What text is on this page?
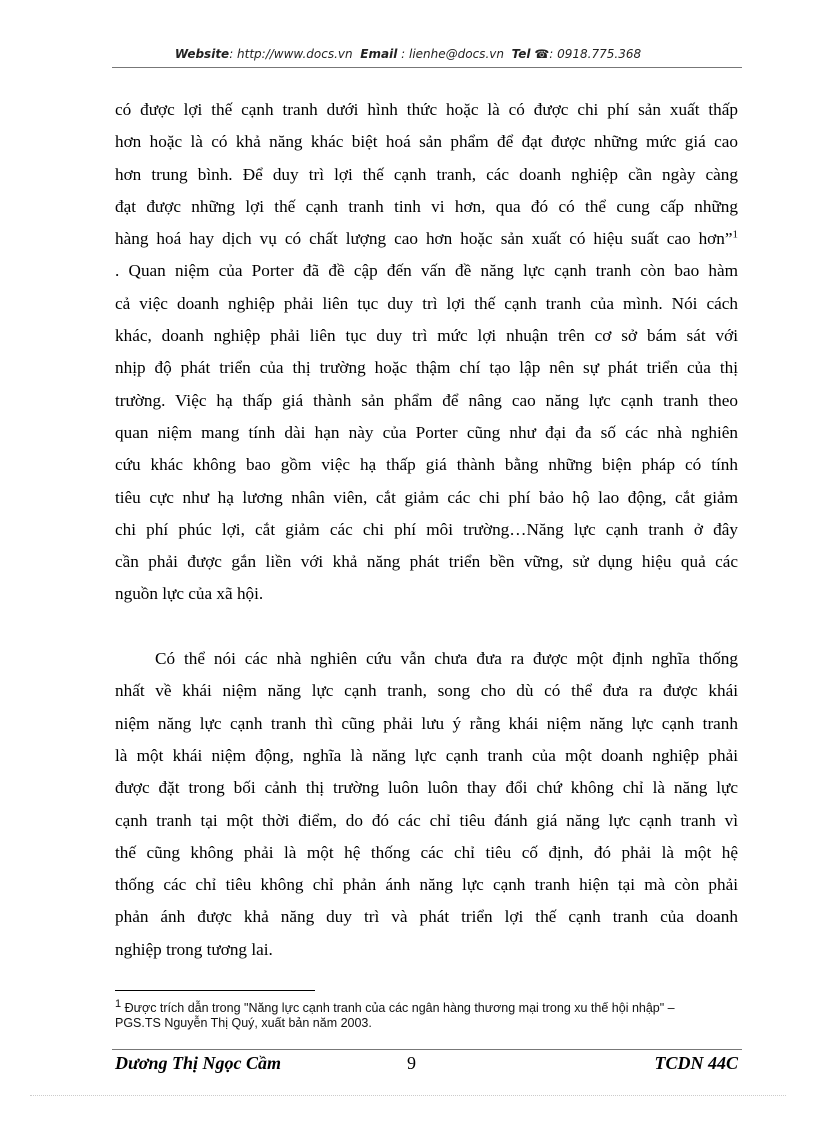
Website: http://www.docs.vn Email : lienhe@docs.vn Tel ☎: 0918.775.368
có được lợi thế cạnh tranh dưới hình thức hoặc là có được chi phí sản xuất thấp
hơn hoặc là có khả năng khác biệt hoá sản phẩm để đạt được những mức giá cao
hơn trung bình. Để duy trì lợi thế cạnh tranh, các doanh nghiệp cần ngày càng
đạt được những lợi thế cạnh tranh tinh vi hơn, qua đó có thể cung cấp những
hàng hoá hay dịch vụ có chất lượng cao hơn hoặc sản xuất có hiệu suất cao hơn”$^1$
. Quan niệm của Porter đã đề cập đến vấn đề năng lực cạnh tranh còn bao hàm
cả việc doanh nghiệp phải liên tục duy trì lợi thế cạnh tranh của mình. Nói cách
khác, doanh nghiệp phải liên tục duy trì mức lợi nhuận trên cơ sở bám sát với
nhịp độ phát triển của thị trường hoặc thậm chí tạo lập nên sự phát triển của thị
trường. Việc hạ thấp giá thành sản phẩm để nâng cao năng lực cạnh tranh theo
quan niệm mang tính dài hạn này của Porter cũng như đại đa số các nhà nghiên
cứu khác không bao gồm việc hạ thấp giá thành bằng những biện pháp có tính
tiêu cực như hạ lương nhân viên, cắt giảm các chi phí bảo hộ lao động, cắt giảm
chi phí phúc lợi, cắt giảm các chi phí môi trường…Năng lực cạnh tranh ở đây
cần phải được gắn liền với khả năng phát triển bền vững, sử dụng hiệu quả các
nguồn lực của xã hội.
Có thể nói các nhà nghiên cứu vẫn chưa đưa ra được một định nghĩa thống
nhất về khái niệm năng lực cạnh tranh, song cho dù có thể đưa ra được khái
niệm năng lực cạnh tranh thì cũng phải lưu ý rằng khái niệm năng lực cạnh tranh
là một khái niệm động, nghĩa là năng lực cạnh tranh của một doanh nghiệp phải
được đặt trong bối cảnh thị trường luôn luôn thay đổi chứ không chỉ là năng lực
cạnh tranh tại một thời điểm, do đó các chỉ tiêu đánh giá năng lực cạnh tranh vì
thế cũng không phải là một hệ thống các chỉ tiêu cố định, đó phải là một hệ
thống các chỉ tiêu không chỉ phản ánh năng lực cạnh tranh hiện tại mà còn phải
phản ánh được khả năng duy trì và phát triển lợi thế cạnh tranh của doanh
nghiệp trong tương lai.
$^1$ Được trích dẫn trong "Năng lực cạnh tranh của các ngân hàng thương mại trong xu thế hội nhập" –
PGS.TS Nguyễn Thị Quý, xuất bản năm 2003.
Dương Thị Ngọc Cầm	9	TCDN 44C
